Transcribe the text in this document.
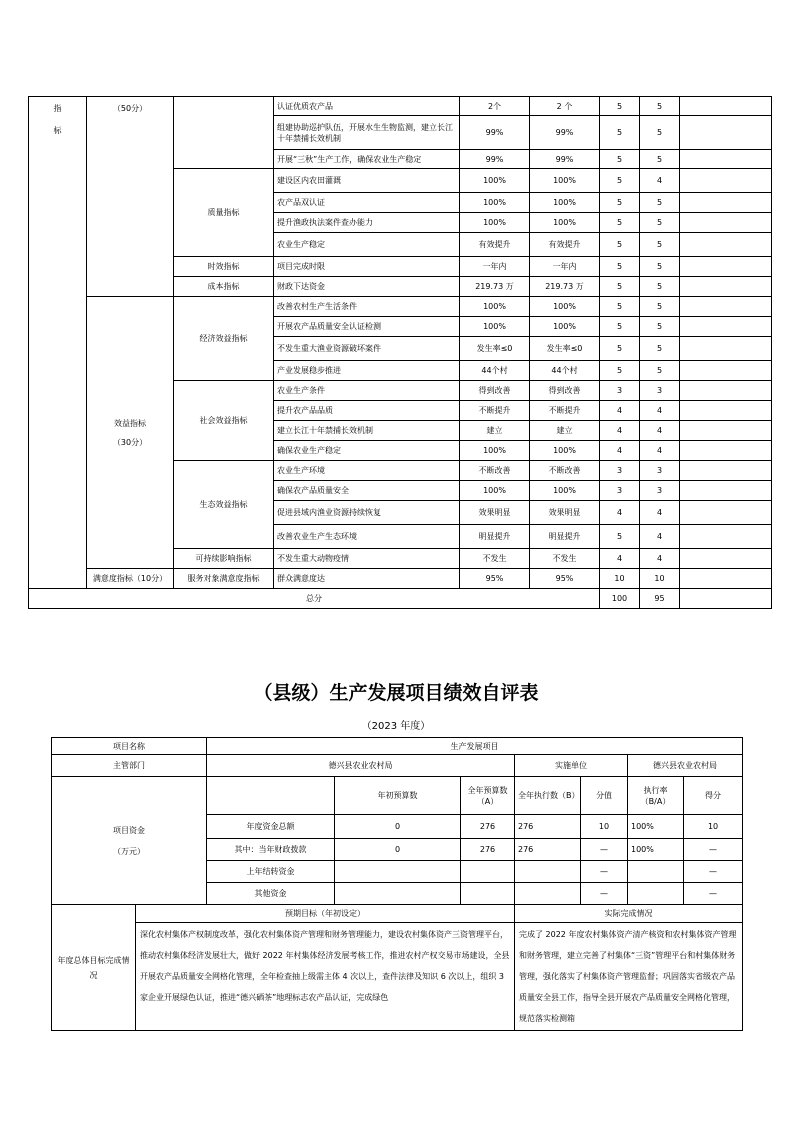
指

标	（50分）		认证优质农产品	2个	2 个	5	5	
			组建协助巡护队伍，开展水生生物监测，建立长江十年禁捕长效机制	99%	99%	5	5	
			开展“三秋”生产工作，确保农业生产稳定	99%	99%	5	5	
		质量指标	建设区内农田灌溉	100%	100%	5	4	
			农产品双认证	100%	100%	5	5	
			提升渔政执法案件查办能力	100%	100%	5	5	
			农业生产稳定	有效提升	有效提升	5	5	
		时效指标	项目完成时限	一年内	一年内	5	5	
		成本指标	财政下达资金	219.73 万	219.73 万	5	5	

	效益指标
（30分）	经济效益指标	改善农村生产生活条件	100%	100%	5	5	
			开展农产品质量安全认证检测	100%	100%	5	5	
			不发生重大渔业资源破坏案件	发生率≤0	发生率≤0	5	5	
			产业发展稳步推进	44个村	44个村	5	5	
		社会效益指标	农业生产条件	得到改善	得到改善	3	3	
			提升农产品品质	不断提升	不断提升	4	4	
			建立长江十年禁捕长效机制	建立	建立	4	4	
			确保农业生产稳定	100%	100%	4	4	
		生态效益指标	农业生产环境	不断改善	不断改善	3	3	
			确保农产品质量安全	100%	100%	3	3	
			促进县域内渔业资源持续恢复	效果明显	效果明显	4	4	
			改善农业生产生态环境	明显提升	明显提升	5	4	
		可持续影响指标	不发生重大动物疫情	不发生	不发生	4	4	
	满意度指标（10分）	服务对象满意度指标	群众满意度达	95%	95%	10	10	
总分						100	95	
（县级）生产发展项目绩效自评表
（2023 年度）
项目名称		生产发展项目						
主管部门		德兴县农业农村局			实施单位		德兴县农业农村局	

项目资金
（万元）			年初预算数	全年预算数（A）	全年执行数（B）	分值	执行率（B/A）	得分
		年度资金总额	0	276	276	10	100%	10
		其中：当年财政拨款	0	276	276	—	100%	—
		上年结转资金				—		—
		其他资金				—		—

年度总体目标完成情况	预期目标（年初设定）				实际完成情况			
	深化农村集体产权制度改革，强化农村集体资产管理和财务管理能力，建设农村集体资产三资管理平台，推动农村集体经济发展壮大，做好 2022 年村集体经济发展考核工作，推进农村产权交易市场建设，全县开展农产品质量安全网格化管理，全年检查抽上级需主体 4 次以上，查件法律及知识 6 次以上，组织 3 家企业开展绿色认证，推进“德兴硒茶”地理标志农产品认证，完成绿色				完成了 2022 年度农村集体资产清产核资和农村集体资产管理和财务管理，建立完善了村集体“三资”管理平台和村集体财务管理，强化落实了村集体资产管理监督；巩固落实省级农产品质量安全县工作，指导全县开展农产品质量安全网格化管理，规范落实检测箱			
